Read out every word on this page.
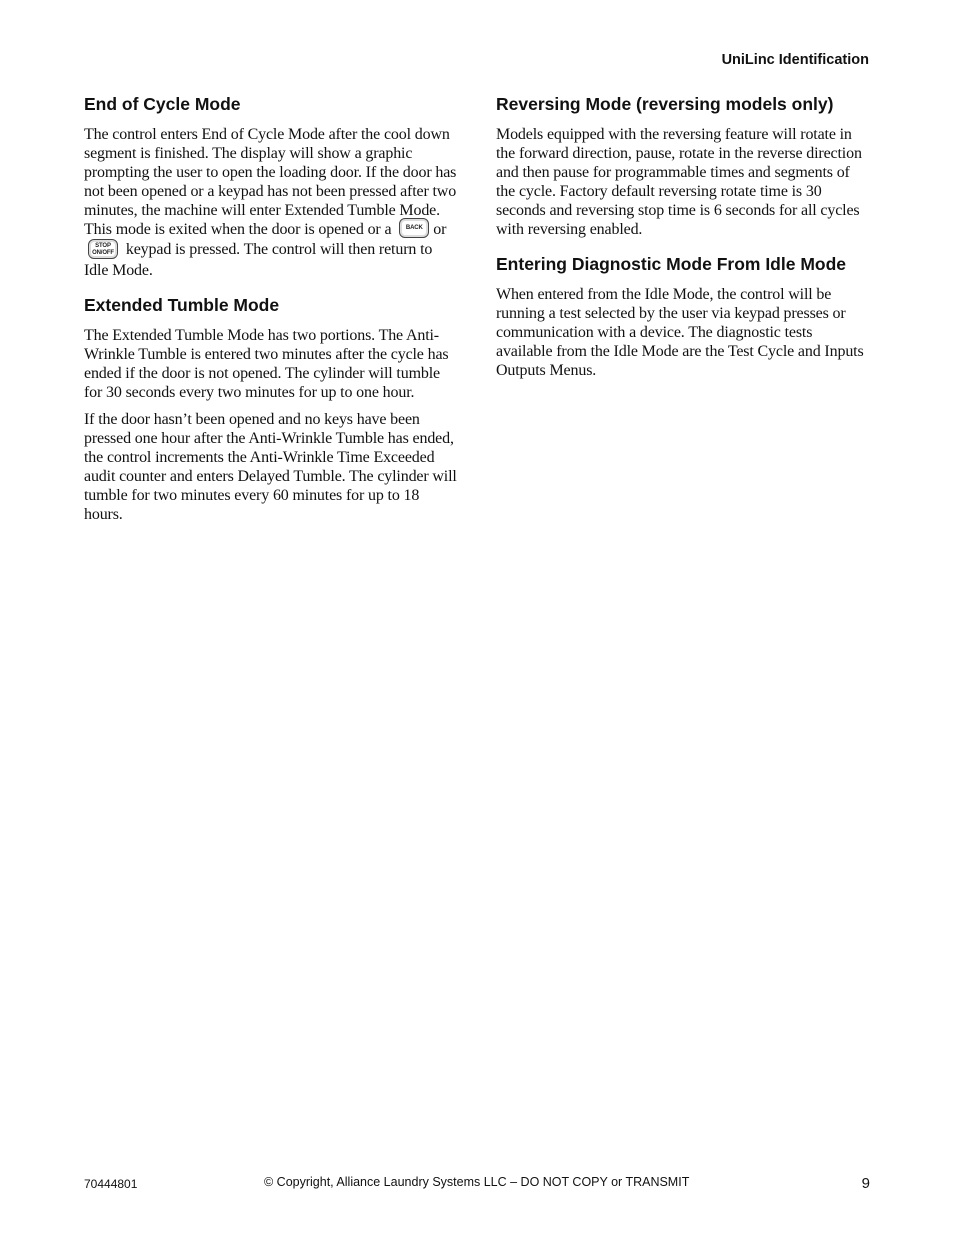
UniLinc Identification
End of Cycle Mode

The control enters End of Cycle Mode after the cool down segment is finished. The display will show a graphic prompting the user to open the loading door. If the door has not been opened or a keypad has not been pressed after two minutes, the machine will enter Extended Tumble Mode. This mode is exited when the door is opened or a	BACK or
STOP
ON/OFF keypad is pressed. The control will then return to Idle Mode.

Extended Tumble Mode

The Extended Tumble Mode has two portions. The Anti-Wrinkle Tumble is entered two minutes after the cycle has ended if the door is not opened. The cylinder will tumble for 30 seconds every two minutes for up to one hour.

If the door hasn’t been opened and no keys have been pressed one hour after the Anti-Wrinkle Tumble has ended, the control increments the Anti-Wrinkle Time Exceeded audit counter and enters Delayed Tumble. The cylinder will tumble for two minutes every 60 minutes for up to 18 hours.

Reversing Mode (reversing models only)

Models equipped with the reversing feature will rotate in the forward direction, pause, rotate in the reverse direction and then pause for programmable times and segments of the cycle. Factory default reversing rotate time is 30 seconds and reversing stop time is 6 seconds for all cycles with reversing enabled.

Entering Diagnostic Mode From Idle Mode

When entered from the Idle Mode, the control will be running a test selected by the user via keypad presses or communication with a device. The diagnostic tests available from the Idle Mode are the Test Cycle and Inputs Outputs Menus.

70444801	© Copyright, Alliance Laundry Systems LLC – DO NOT COPY or TRANSMIT	9
